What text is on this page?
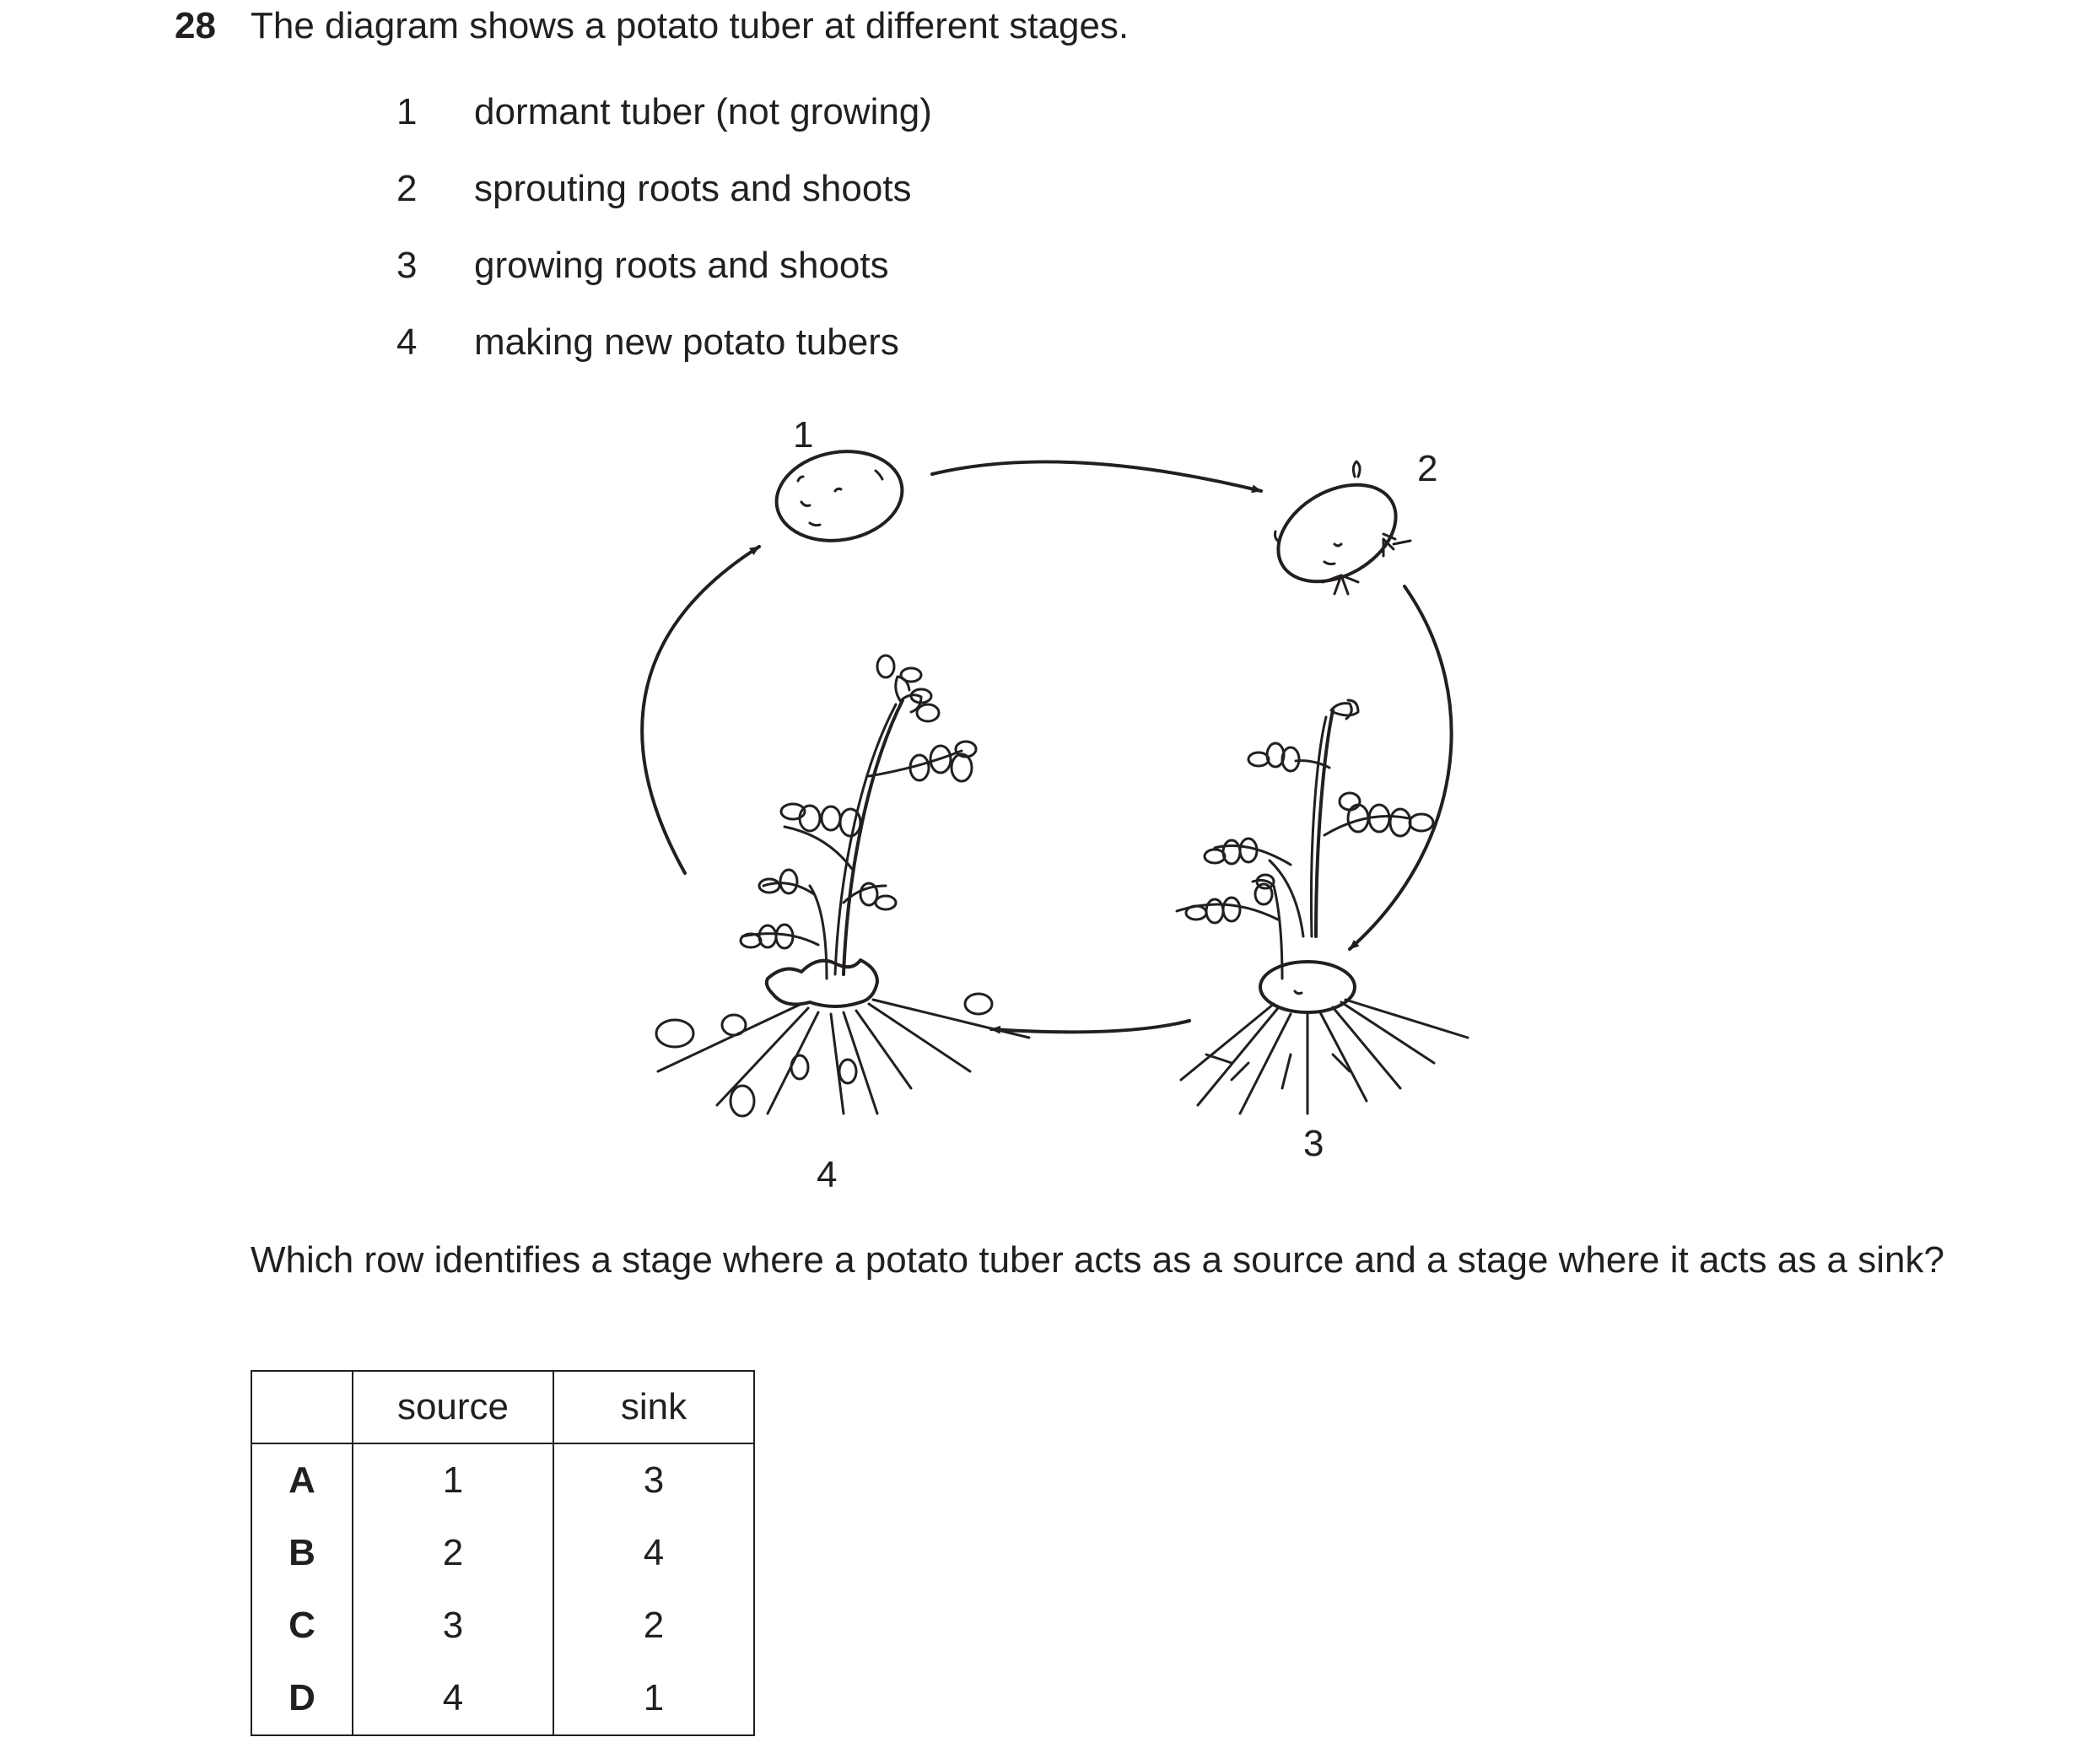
28 The diagram shows a potato tuber at different stages.
1 dormant tuber (not growing)
2 sprouting roots and shoots
3 growing roots and shoots
4 making new potato tubers
1
2
3
4
Which row identifies a stage where a potato tuber acts as a source and a stage where it acts as a sink?
	source	sink
A	1	3
B	2	4
C	3	2
D	4	1
